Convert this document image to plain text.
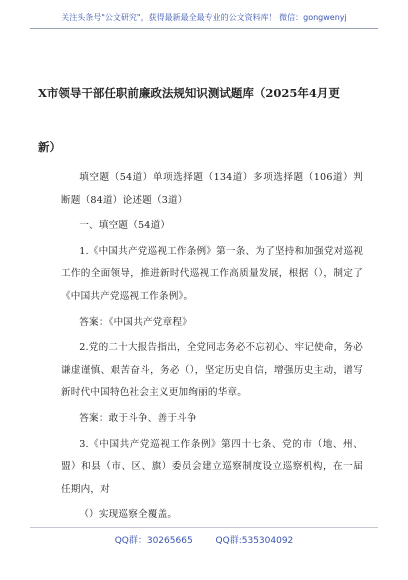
关注头条号"公文研究"，获得最新最全最专业的公文资料库！ 微信：gongwenyj
X市领导干部任职前廉政法规知识测试题库（2025年4月更
新）

填空题（54道）单项选择题（134道）多项选择题（106道）判断题（84道）论述题（3道）

一、填空题（54道）

1.《中国共产党巡视工作条例》第一条、为了坚持和加强党对巡视工作的全面领导，推进新时代巡视工作高质量发展，根据（），制定了《中国共产党巡视工作条例》。

答案：《中国共产党章程》

2.党的二十大报告指出，全党同志务必不忘初心、牢记使命，务必谦虚谨慎、艰苦奋斗，务必（），坚定历史自信，增强历史主动，谱写新时代中国特色社会主义更加绚丽的华章。

答案：敢于斗争、善于斗争

3.《中国共产党巡视工作条例》第四十七条、党的市（地、州、盟）和县（市、区、旗）委员会建立巡察制度设立巡察机构，在一届任期内，对

（）实现巡察全覆盖。

QQ群：30265665	QQ群:535304092
